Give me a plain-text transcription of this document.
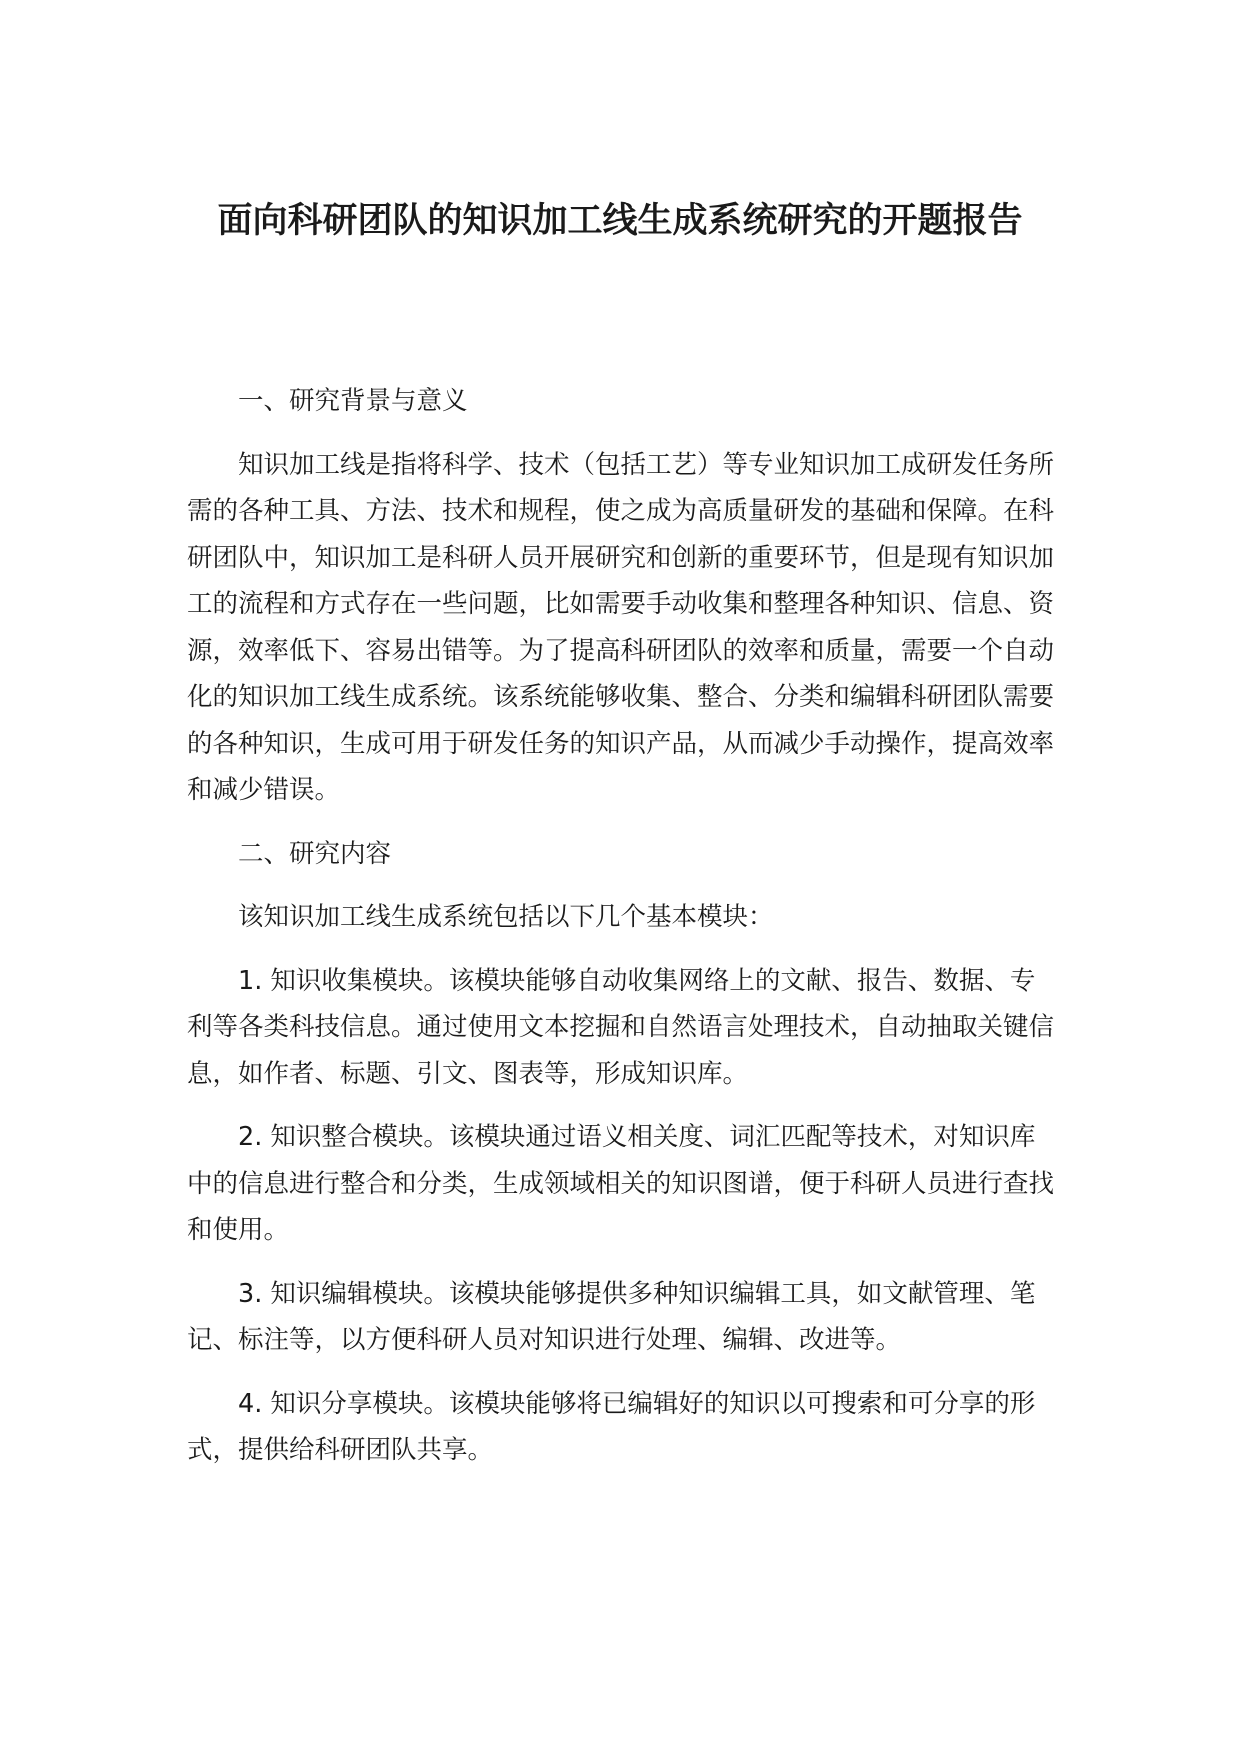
面向科研团队的知识加工线生成系统研究的开题报告

一、研究背景与意义

知识加工线是指将科学、技术（包括工艺）等专业知识加工成研发任务所需的各种工具、方法、技术和规程，使之成为高质量研发的基础和保障。在科研团队中，知识加工是科研人员开展研究和创新的重要环节，但是现有知识加工的流程和方式存在一些问题，比如需要手动收集和整理各种知识、信息、资源，效率低下、容易出错等。为了提高科研团队的效率和质量，需要一个自动化的知识加工线生成系统。该系统能够收集、整合、分类和编辑科研团队需要的各种知识，生成可用于研发任务的知识产品，从而减少手动操作，提高效率和减少错误。

二、研究内容

该知识加工线生成系统包括以下几个基本模块：

1. 知识收集模块。该模块能够自动收集网络上的文献、报告、数据、专利等各类科技信息。通过使用文本挖掘和自然语言处理技术，自动抽取关键信息，如作者、标题、引文、图表等，形成知识库。

2. 知识整合模块。该模块通过语义相关度、词汇匹配等技术，对知识库中的信息进行整合和分类，生成领域相关的知识图谱，便于科研人员进行查找和使用。

3. 知识编辑模块。该模块能够提供多种知识编辑工具，如文献管理、笔记、标注等，以方便科研人员对知识进行处理、编辑、改进等。

4. 知识分享模块。该模块能够将已编辑好的知识以可搜索和可分享的形式，提供给科研团队共享。
